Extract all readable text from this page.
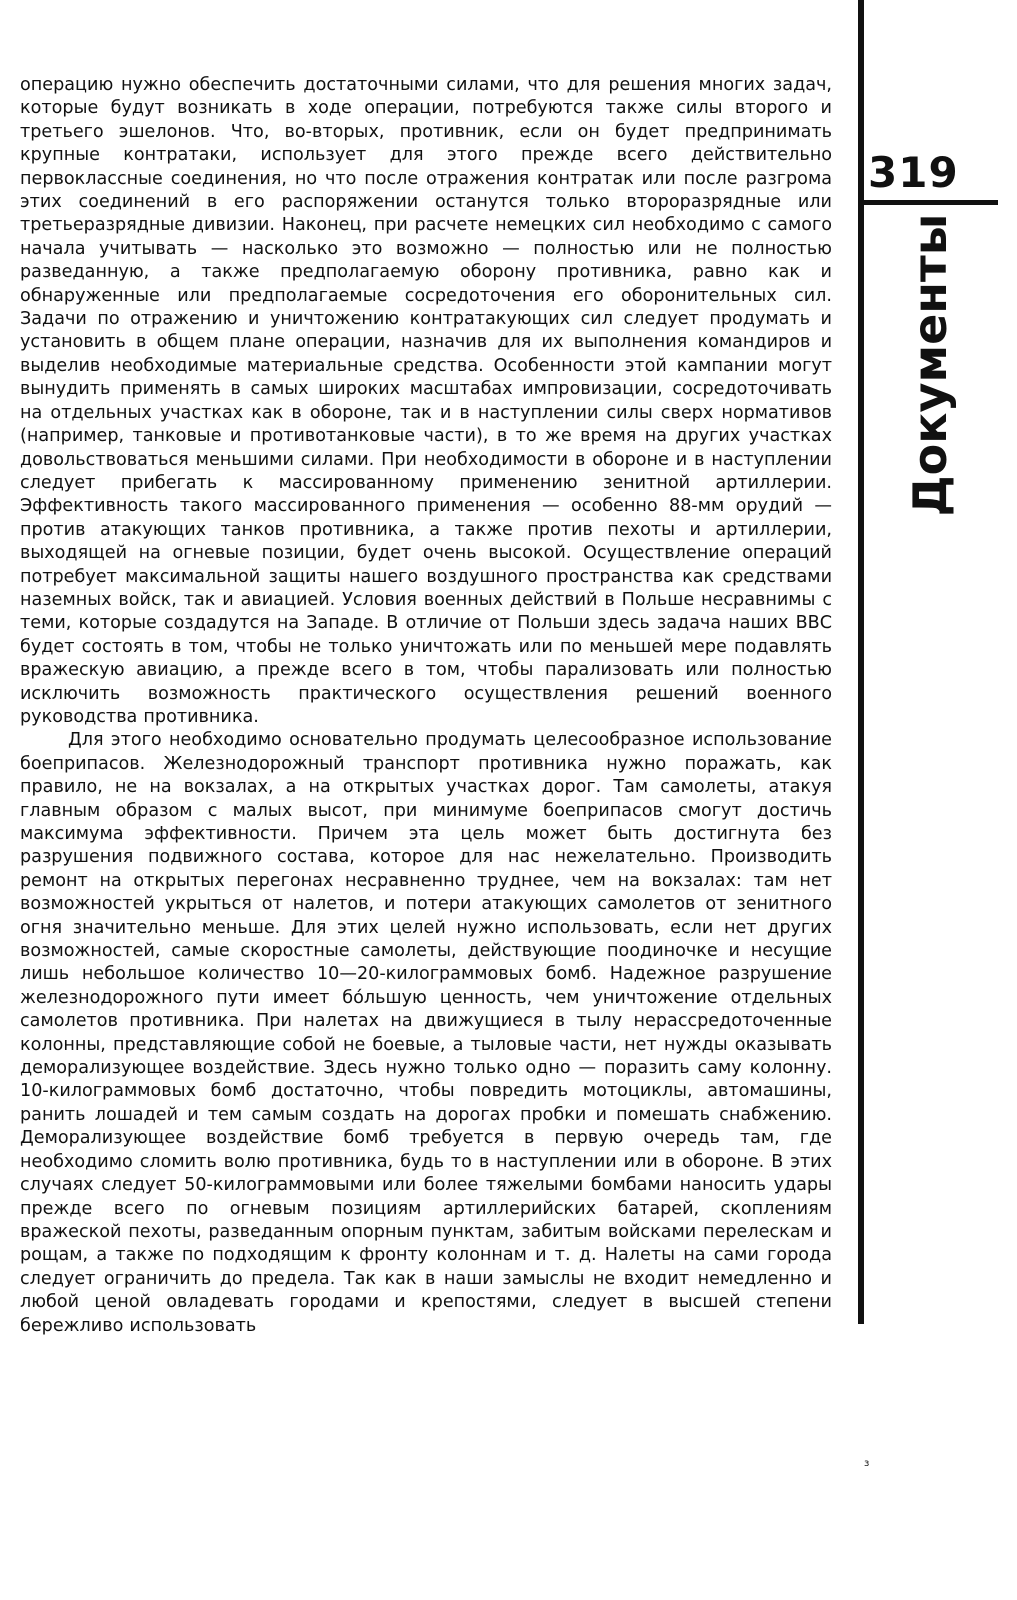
319
Документы

операцию нужно обеспечить достаточными силами, что для решения многих задач, которые будут возникать в ходе операции, потребуются также силы второго и третьего эшелонов. Что, во-вторых, противник, если он будет предпринимать крупные контратаки, использует для этого прежде всего действительно первоклассные соединения, но что после отражения контратак или после разгрома этих соединений в его распоряжении останутся только второразрядные или третьеразрядные дивизии. Наконец, при расчете немецких сил необходимо с самого начала учитывать — насколько это возможно — полностью или не полностью разведанную, а также предполагаемую оборону противника, равно как и обнаруженные или предполагаемые сосредоточения его оборонительных сил. Задачи по отражению и уничтожению контратакующих сил следует продумать и установить в общем плане операции, назначив для их выполнения командиров и выделив необходимые материальные средства. Особенности этой кампании могут вынудить применять в самых широких масштабах импровизации, сосредоточивать на отдельных участках как в обороне, так и в наступлении силы сверх нормативов (например, танковые и противотанковые части), в то же время на других участках довольствоваться меньшими силами. При необходимости в обороне и в наступлении следует прибегать к массированному применению зенитной артиллерии. Эффективность такого массированного применения — особенно 88-мм орудий — против атакующих танков противника, а также против пехоты и артиллерии, выходящей на огневые позиции, будет очень высокой. Осуществление операций потребует максимальной защиты нашего воздушного пространства как средствами наземных войск, так и авиацией. Условия военных действий в Польше несравнимы с теми, которые создадутся на Западе. В отличие от Польши здесь задача наших ВВС будет состоять в том, чтобы не только уничтожать или по меньшей мере подавлять вражескую авиацию, а прежде всего в том, чтобы парализовать или полностью исключить возможность практического осуществления решений военного руководства противника.

Для этого необходимо основательно продумать целесообразное использование боеприпасов. Железнодорожный транспорт противника нужно поражать, как правило, не на вокзалах, а на открытых участках дорог. Там самолеты, атакуя главным образом с малых высот, при минимуме боеприпасов смогут достичь максимума эффективности. Причем эта цель может быть достигнута без разрушения подвижного состава, которое для нас нежелательно. Производить ремонт на открытых перегонах несравненно труднее, чем на вокзалах: там нет возможностей укрыться от налетов, и потери атакующих самолетов от зенитного огня значительно меньше. Для этих целей нужно использовать, если нет других возможностей, самые скоростные самолеты, действующие поодиночке и несущие лишь небольшое количество 10—20-килограммовых бомб. Надежное разрушение железнодорожного пути имеет бо́льшую ценность, чем уничтожение отдельных самолетов противника. При налетах на движущиеся в тылу нерассредоточенные колонны, представляющие собой не боевые, а тыловые части, нет нужды оказывать деморализующее воздействие. Здесь нужно только одно — поразить саму колонну. 10-килограммовых бомб достаточно, чтобы повредить мотоциклы, автомашины, ранить лошадей и тем самым создать на дорогах пробки и помешать снабжению. Деморализующее воздействие бомб требуется в первую очередь там, где необходимо сломить волю противника, будь то в наступлении или в обороне. В этих случаях следует 50-килограммовыми или более тяжелыми бомбами наносить удары прежде всего по огневым позициям артиллерийских батарей, скоплениям вражеской пехоты, разведанным опорным пунктам, забитым войсками перелескам и рощам, а также по подходящим к фронту колоннам и т. д. Налеты на сами города следует ограничить до предела. Так как в наши замыслы не входит немедленно и любой ценой овладевать городами и крепостями, следует в высшей степени бережливо использовать

з
